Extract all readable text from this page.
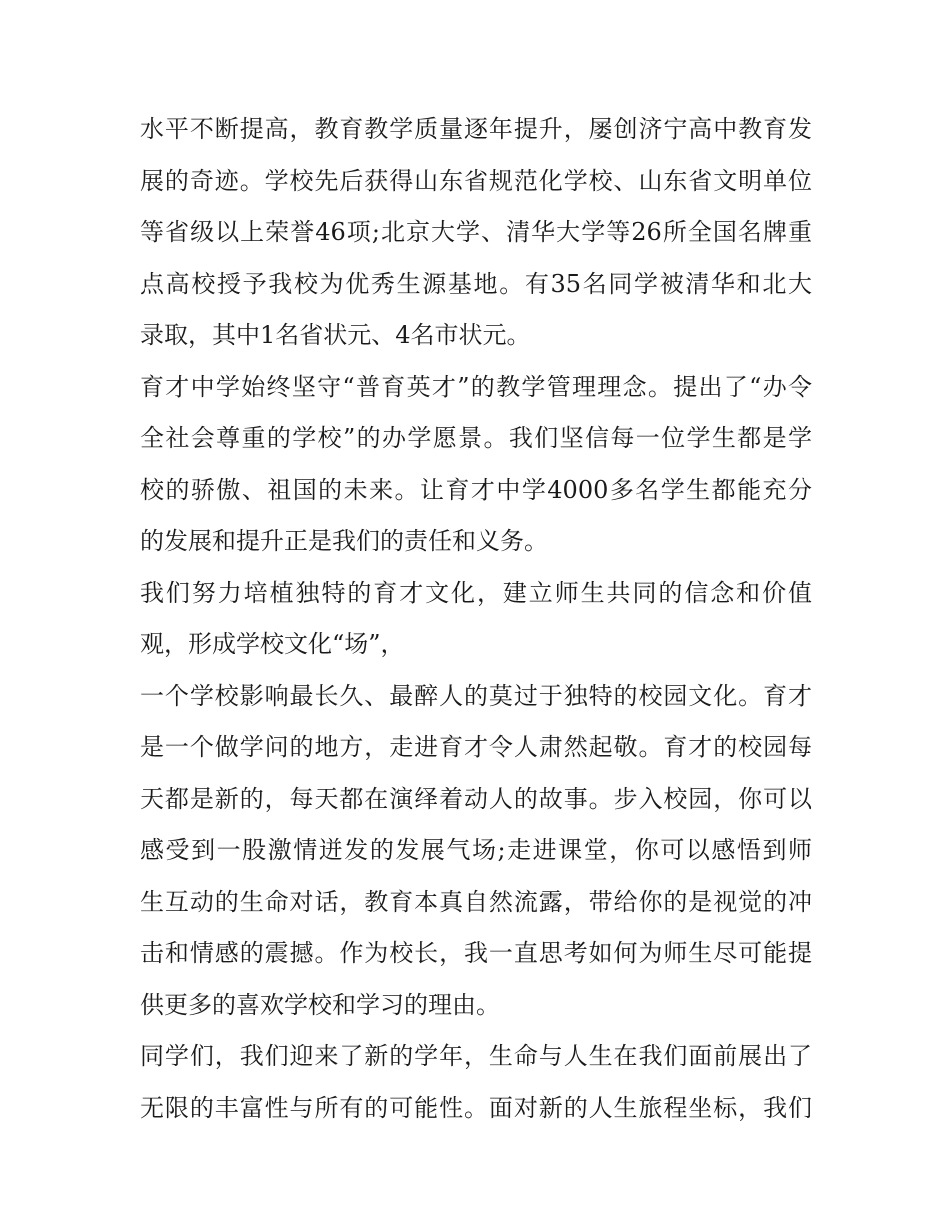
水平不断提高，教育教学质量逐年提升，屡创济宁高中教育发
展的奇迹。学校先后获得山东省规范化学校、山东省文明单位
等省级以上荣誉46项;北京大学、清华大学等26所全国名牌重
点高校授予我校为优秀生源基地。有35名同学被清华和北大
录取，其中1名省状元、4名市状元。
育才中学始终坚守“普育英才”的教学管理理念。提出了“办令
全社会尊重的学校”的办学愿景。我们坚信每一位学生都是学
校的骄傲、祖国的未来。让育才中学4000多名学生都能充分
的发展和提升正是我们的责任和义务。
我们努力培植独特的育才文化，建立师生共同的信念和价值
观，形成学校文化“场”，
一个学校影响最长久、最醉人的莫过于独特的校园文化。育才
是一个做学问的地方，走进育才令人肃然起敬。育才的校园每
天都是新的，每天都在演绎着动人的故事。步入校园，你可以
感受到一股激情迸发的发展气场;走进课堂，你可以感悟到师
生互动的生命对话，教育本真自然流露，带给你的是视觉的冲
击和情感的震撼。作为校长，我一直思考如何为师生尽可能提
供更多的喜欢学校和学习的理由。
同学们，我们迎来了新的学年，生命与人生在我们面前展出了
无限的丰富性与所有的可能性。面对新的人生旅程坐标，我们
